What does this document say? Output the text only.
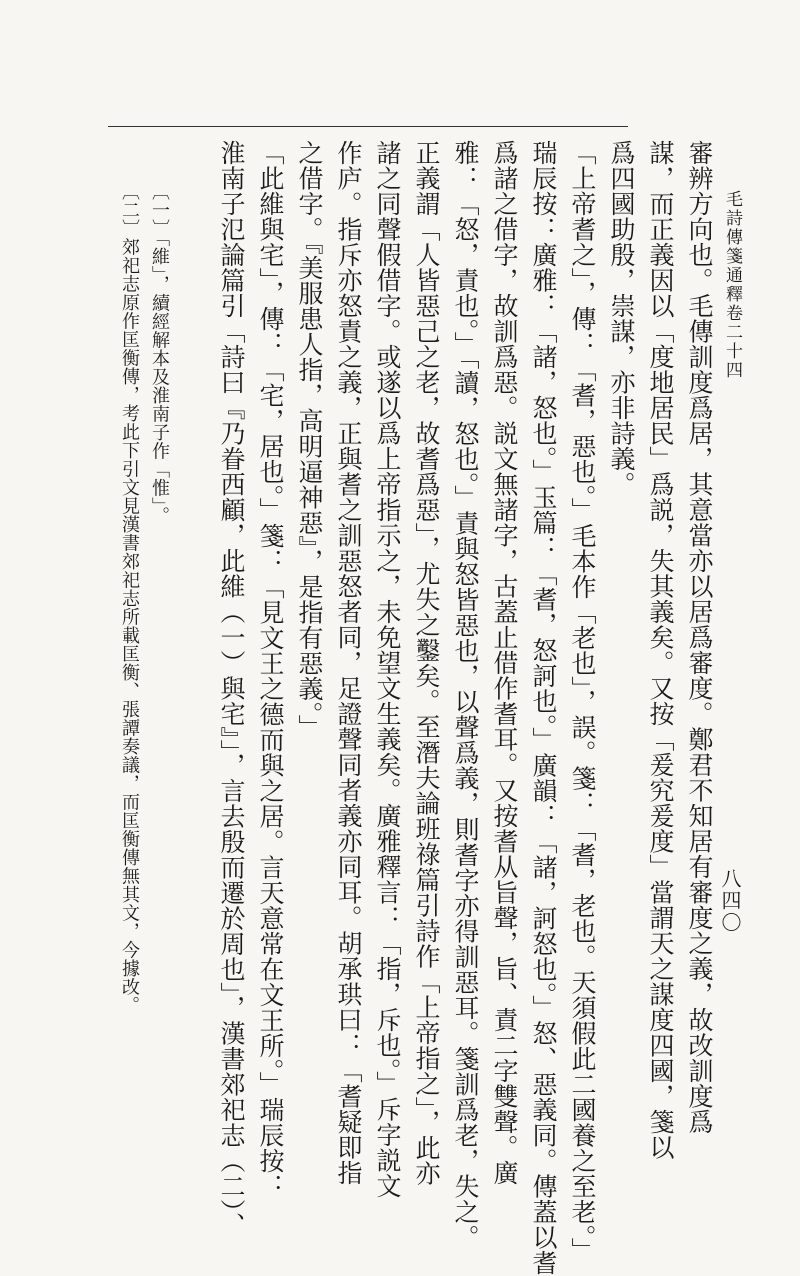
毛詩傳箋通釋卷二十四
八四〇
審辨方向也。毛傳訓度爲居，其意當亦以居爲審度。鄭君不知居有審度之義，故改訓度爲
謀，而正義因以「度地居民」爲説，失其義矣。又按「爰究爰度」當謂天之謀度四國，箋以
爲四國助殷，崇謀，亦非詩義。
「上帝耆之」，傳：「耆，惡也。」毛本作「老也」，誤。箋：「耆，老也。天須假此二國養之至老。」
瑞辰按：廣雅：「諸，怒也。」玉篇：「耆，怒訶也。」廣韻：「諸，訶怒也。」怒、惡義同。傳蓋以耆
爲諸之借字，故訓爲惡。説文無諸字，古蓋止借作耆耳。又按耆从旨聲，旨、責二字雙聲。廣
雅：「怒，責也。」「讀，怒也。」責與怒皆惡也，以聲爲義，則耆字亦得訓惡耳。箋訓爲老，失之。
正義謂「人皆惡己之老，故耆爲惡」，尤失之鑿矣。至潛夫論班祿篇引詩作「上帝指之」，此亦
諸之同聲假借字。或遂以爲上帝指示之，未免望文生義矣。廣雅釋言：「指，斥也。」斥字説文
作庐。指斥亦怒責之義，正與耆之訓惡怒者同，足證聲同者義亦同耳。胡承珙曰：「耆疑即指
之借字。『美服患人指，高明逼神惡』，是指有惡義。」
「此維與宅」，傳：「宅，居也。」箋：「見文王之德而與之居。言天意常在文王所。」瑞辰按：
淮南子氾論篇引「詩曰『乃眷西顧，此維（一）與宅』」，言去殷而遷於周也」，漢書郊祀志（二）、
〔一〕「維」，續經解本及淮南子作「惟」。
〔二〕郊祀志原作匡衡傳，考此下引文見漢書郊祀志所載匡衡、張譚奏議，而匡衡傳無其文，今據改。
